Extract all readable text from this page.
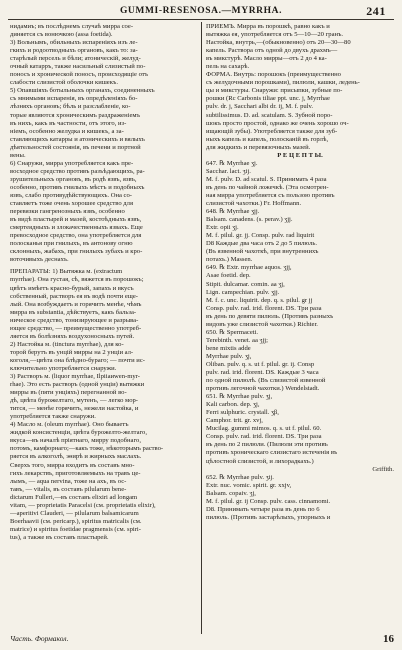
GUMMI-RESENOSA.—MYRRHA.	241
нидамиъ; въ послѣднемъ случаѣ мирра сое-
диняется съ вонючкою (assa foetida).
3) Вольнымъ, обильныхъ испареніяхъ изъ ле-
гкихъ и родоотводныхъ оргaновъ, какъ то: за-
старѣлый персель и бѣли; атоническій, желуд-
очный катарръ, также насильный слизистый по-
поносъ и хронической поносъ, происходящіе отъ
слабости слизистой оболочки кишекъ.
5) Опавшіяхъ ботыльныхъ оргaнахъ, соединенныхъ
съ мнимыми испаренія, въ опредѣленіяхъ бо-
лѣзняхъ органовъ; бѣль и разслабленіе, ко-
торые являются хроническимъ раздраженіемъ
въ нихъ, какъ въ частности, отъ этого, из-
ніемъ, особенно желудка и кишекъ, а за-
ставляющихъ катарры и атоническихъ и вялыхъ
дѣятельностей состоянія, въ печени и портной
вены.
6) Снаружи, мирра употребляется какъ пре-
восходное средство противъ разъѣдающихъ, ра-
зрушительныхъ органовъ, въ родѣ язвъ, язвъ,
особенно, противъ гнилыхъ мѣстъ и подобныхъ
язвъ, слабо противудѣйствующихъ. Она со-
ставляетъ тоже очень хорошее средство для
перевязки гангренозныхъ язвъ, особенно
въ видѣ пластырей и мазей, костоѣдныхъ язвъ,
смертеядныхъ и злокачественныхъ язвахъ. Еще
превосходное средство, она употребляется для
полосканья при гнилыхъ, въ антонову огню
склонныхъ, жабахъ, при гнилыхъ зубахъ и кро-
воточивыхъ деснахъ.
ПРЕПАРАТЫ: 1) Вытяжка м. (extractum
myrrhae). Она густая, сѣ, вяжется въ порошокъ;
цвѣтъ имѣетъ красно-бурый, запахъ и вкусъ
собственный, растворъ ея въ водѣ почти еще-
лый. Она возбуждаетъ и горячитъ менѣе, чѣмъ
мирра въ substantia, дѣйствуетъ, какъ бальза-
ническое средство, тонизирующее и разрыва-
ющее средство, — преимущественно употреб-
ляется въ болѣзняхъ воздухоносныхъ путей.
2) Настойка м. (tinctura myrrhae), для ко-
торой берутъ въ унцій мирры на 2 унціи ал-
коголя,—цвѣта она блѣдно-бураго; — почти ис-
ключительно употребляется снаружи.
3) Растворъ м. (liquor myrrhae, Ilpiiаиwen-myr-
rhae). Это есть растворъ (одной унціи) вытяжки
мирры въ (пяти унціяхъ) перегнанной во-
дѣ, цвѣта бурожелтаго, мутенъ, — легко мор-
тится, — менѣе горячитъ, нежели настойка, и
употребляется также снаружи.
4) Масло м. (oleum myrrhae). Оно бываетъ
жидкой консистенціи, цвѣта бурожелто-желтаго,
вкуса—въ началѣ пріятнаго, мирру подобнаго,
потомъ, камфорнаго;—какъ тоже, нѣкоторымъ раство-
ряется въ алкоголѣ, эѳирѣ и жирныхъ маслахъ.
Сверхъ того, мирра входитъ въ составъ мно-
гихъ лекарствъ, приготовляемыхъ на травъ це-
лымъ, — aqua nervina, тоже на ахъ, въ ос-
тавъ, — vitalis, въ составъ pilularum bene-
dictarum Fulleri,—въ составъ elixiri ad longam
vitam, — proprietatis Paracelsi (см. proprietatis elixir),
—aperitivi Clauderi, — pilularum balsamicarum
Boerhaavii (см. pericarp.), spiritus matricalis (см.
matrice) и spiritus foetidae pragmensis (см. spiri-
tus), а также въ составъ пластырей.
ПРИЕМЪ. Мирра въ порошкѣ, равно какъ и
вытяжка ея, употребляется отъ 5—10—20 гранъ.
Настойка, внутрь,—(обыкновенно) отъ 20—30—80
капель. Раствора отъ одной до двухъ драхмъ—
въ микстурѣ. Масло мирры—отъ 2 до 4 ка-
пель на сахарѣ.
ФОРМА. Внутрь: порошокъ (преимущественно
съ желудочными порошками), пилюли, кашки, ледень-
цы и микстуры. Снаружи: присыпки, зубные по-
рошки (Rc Carbonis tiliae ppt. unc. j, Myrrhae
pulv. dr. j, Sacchari albi dr. ij, M. f. pulv.
subtilissimus. D. ad. scatulam. S. Зубной поро-
шокъ просто простой, однако же очень хорошо оч-
ищающій зубы). Употребляется также для зуб-
ныхъ капель и капель, полосканій въ горлѣ,
для жидкихъ и перевязочныхъ мазей.
Р Е Ц Е П Т Ы.
647. ℞ Myrrhae ʒj.
Sacchar. lact. ʒij.
M. f. pulv. D. ad scatul. S. Принимать 4 раза
въ день по чайной ложечкѣ. (Эта осмотрен-
ная мирра употребляется съ пользою противъ
слизистой чахотки.) Fr. Hoffmann.
648. ℞ Myrrhae ʒjj.
Balsam. canadens. (s. perav.) ʒjj.
Extr. opii ʒj.
M. f. pilul. gr. jj. Consp. pulv. rad liquirit
D8 Каждые два часа отъ 2 до 5 пилюль.
(Въ язвенной чахоткѣ, при внутреннихъ
потахъ.) Massen.
649. ℞ Extr. myrrhae aquos. ʒjj,
Asae foetid. dep.
Stipit. dulcamar. comin. aa ʒj,
Lign. campechian. pulv. ʒjj.
M. f. c. unc. liquirit. dep. q. s. pilul. gr jj
Consp. pulv. rad. irid. florent. DS. Три раза
въ день по девяти пилюль. (Противъ разныхъ
видовъ уже слизистой чахотки.) Richter.
650. ℞ Spermaceti.
Terebinth. venet. aa ʒjj;
bene mixtis adde
Myrrhae pulv. ʒj,
Oliban. pulv. q. s. ut f. pilul. gr. ij. Consp
pulv. rad. irid. florent. DS. Каждые 3 часа
по одной пилюлѣ. (Въ слизистой язвенной
противъ легочной чахотки.) Wendelstadt.
651. ℞ Myrrhae pulv. ʒj,
Kali carbon. dep. ʒj,
Ferri sulphuric. crystall. ʒβ,
Camphor. trit. gr. xvj,
Mucilag. gummi mimos. q. s. ut f. pilul. 60.
Consp. pulv. rad. irid. florent. DS. Три раза
въ день по 2 пилюли. (Пилюли эти противъ
противъ хроническаго слизистаго истеченія въ
цѣлостной слизистой, и лихорадкахъ.)
Griffith.
652. ℞ Myrrhae pulv. ʒij.
Extr. nuc. vomic. spirit. gr. xxjv,
Balsam. copaiv. ʒj,
M. f. pilul. gr. ij Consp. pulv. cass. cinnamomi.
D8. Принимать четыре раза въ день по 6
пилюль. (Противъ застарѣлыхъ, упорныхъ и
Часть. Формакол.	16
